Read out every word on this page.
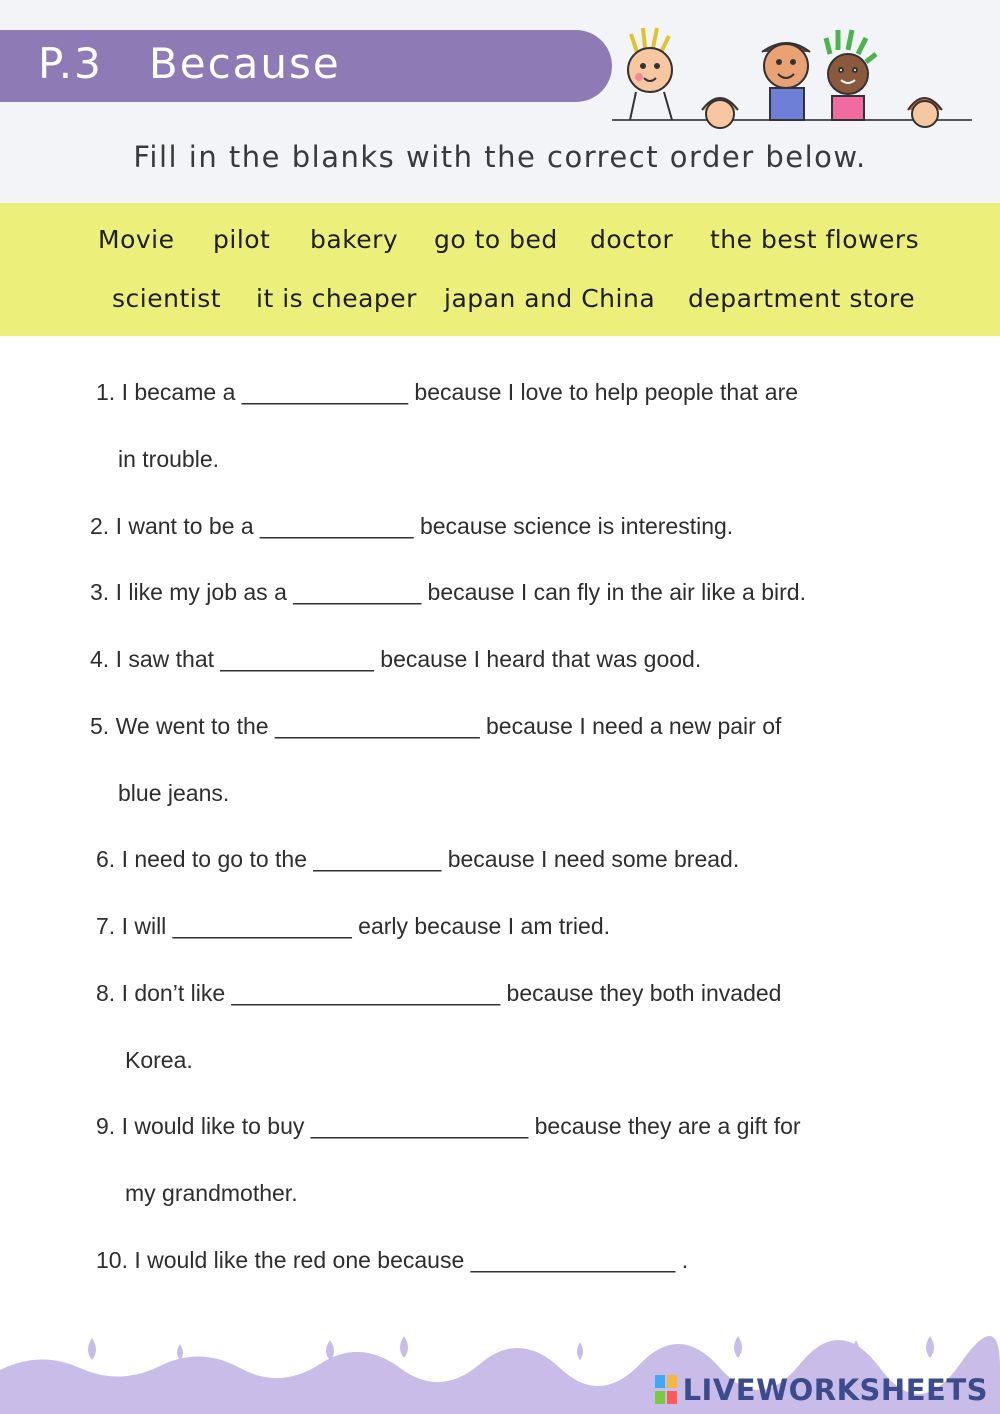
P.3   Because
Fill in the blanks with the correct order below.
Movie pilot bakery go to bed doctor the best flowers
scientist it is cheaper japan and China department store
1. I became a _____________ because I love to help people that are
in trouble.
2. I want to be a ____________ because science is interesting.
3. I like my job as a __________ because I can fly in the air like a bird.
4. I saw that ____________ because I heard that was good.
5. We went to the ________________ because I need a new pair of
blue jeans.
6. I need to go to the __________ because I need some bread.
7. I will ______________ early because I am tried.
8. I don’t like _____________________ because they both invaded
Korea.
9. I would like to buy _________________ because they are a gift for
my grandmother.
10. I would like the red one because ________________ .
LIVEWORKSHEETS
